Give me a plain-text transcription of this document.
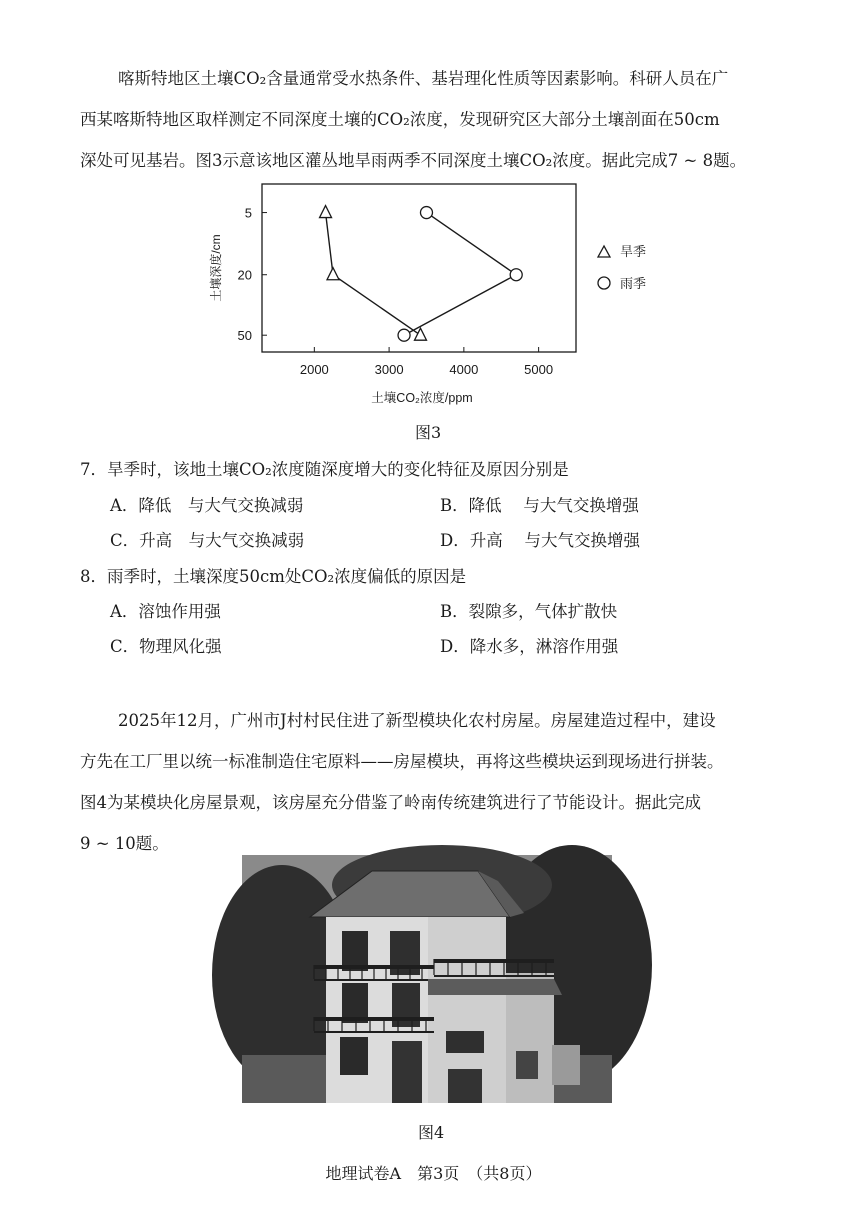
喀斯特地区土壤CO₂含量通常受水热条件、基岩理化性质等因素影响。科研人员在广
西某喀斯特地区取样测定不同深度土壤的CO₂浓度，发现研究区大部分土壤剖面在50cm
深处可见基岩。图3示意该地区灌丛地旱雨两季不同深度土壤CO₂浓度。据此完成7 ~ 8题。
2000	3000	4000	5000
5
20
50
土壤深度/cm
土壤CO₂浓度/ppm
旱季
雨季
图3
7．旱季时，该地土壤CO₂浓度随深度增大的变化特征及原因分别是
A．降低　与大气交换减弱	B．降低　 与大气交换增强
C．升高　与大气交换减弱	D．升高　 与大气交换增强
8．雨季时，土壤深度50cm处CO₂浓度偏低的原因是
A．溶蚀作用强	B．裂隙多，气体扩散快
C．物理风化强	D．降水多，淋溶作用强
2025年12月，广州市J村村民住进了新型模块化农村房屋。房屋建造过程中，建设
方先在工厂里以统一标准制造住宅原料——房屋模块，再将这些模块运到现场进行拼装。
图4为某模块化房屋景观，该房屋充分借鉴了岭南传统建筑进行了节能设计。据此完成
9 ~ 10题。
图4
地理试卷A　第3页　（共8页）
